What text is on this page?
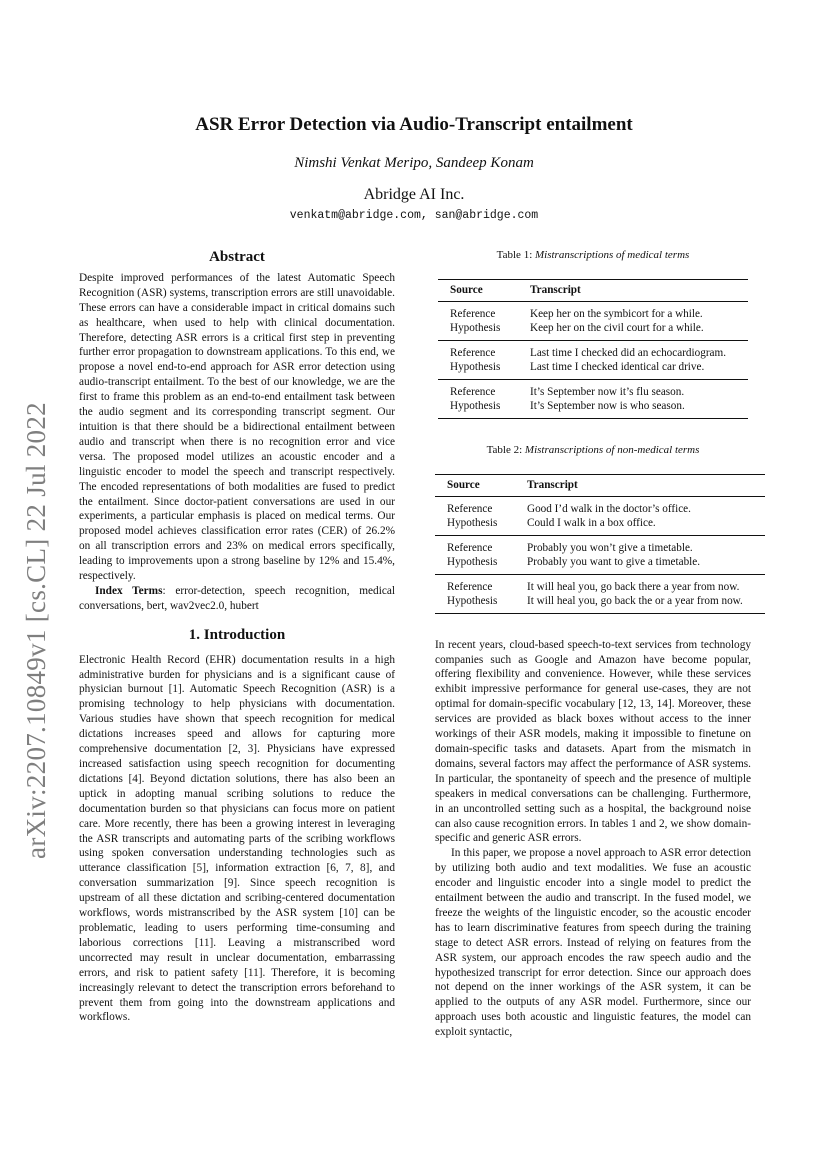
arXiv:2207.10849v1 [cs.CL] 22 Jul 2022
ASR Error Detection via Audio-Transcript entailment
Nimshi Venkat Meripo, Sandeep Konam
Abridge AI Inc.
venkatm@abridge.com, san@abridge.com
Abstract

Despite improved performances of the latest Automatic Speech Recognition (ASR) systems, transcription errors are still unavoidable. These errors can have a considerable impact in critical domains such as healthcare, when used to help with clinical documentation. Therefore, detecting ASR errors is a critical first step in preventing further error propagation to downstream applications. To this end, we propose a novel end-to-end approach for ASR error detection using audio-transcript entailment. To the best of our knowledge, we are the first to frame this problem as an end-to-end entailment task between the audio segment and its corresponding transcript segment. Our intuition is that there should be a bidirectional entailment between audio and transcript when there is no recognition error and vice versa. The proposed model utilizes an acoustic encoder and a linguistic encoder to model the speech and transcript respectively. The encoded representations of both modalities are fused to predict the entailment. Since doctor-patient conversations are used in our experiments, a particular emphasis is placed on medical terms. Our proposed model achieves classification error rates (CER) of 26.2% on all transcription errors and 23% on medical errors specifically, leading to improvements upon a strong baseline by 12% and 15.4%, respectively.

Index Terms: error-detection, speech recognition, medical conversations, bert, wav2vec2.0, hubert

1. Introduction

Electronic Health Record (EHR) documentation results in a high administrative burden for physicians and is a significant cause of physician burnout [1]. Automatic Speech Recognition (ASR) is a promising technology to help physicians with documentation. Various studies have shown that speech recognition for medical dictations increases speed and allows for capturing more comprehensive documentation [2, 3]. Physicians have expressed increased satisfaction using speech recognition for documenting dictations [4]. Beyond dictation solutions, there has also been an uptick in adopting manual scribing solutions to reduce the documentation burden so that physicians can focus more on patient care. More recently, there has been a growing interest in leveraging the ASR transcripts and automating parts of the scribing workflows using spoken conversation understanding technologies such as utterance classification [5], information extraction [6, 7, 8], and conversation summarization [9]. Since speech recognition is upstream of all these dictation and scribing-centered documentation workflows, words mistranscribed by the ASR system [10] can be problematic, leading to users performing time-consuming and laborious corrections [11]. Leaving a mistranscribed word uncorrected may result in unclear documentation, embarrassing errors, and risk to patient safety [11]. Therefore, it is becoming increasingly relevant to detect the transcription errors beforehand to prevent them from going into the downstream applications and workflows.

Table 1: Mistranscriptions of medical terms
Source	Transcript
Reference	Keep her on the symbicort for a while.
Hypothesis	Keep her on the civil court for a while.
Reference	Last time I checked did an echocardiogram.
Hypothesis	Last time I checked identical car drive.
Reference	It’s September now it’s flu season.
Hypothesis	It’s September now is who season.
Table 2: Mistranscriptions of non-medical terms
Source	Transcript
Reference	Good I’d walk in the doctor’s office.
Hypothesis	Could I walk in a box office.
Reference	Probably you won’t give a timetable.
Hypothesis	Probably you want to give a timetable.
Reference	It will heal you, go back there a year from now.
Hypothesis	It will heal you, go back the or a year from now.

In recent years, cloud-based speech-to-text services from technology companies such as Google and Amazon have become popular, offering flexibility and convenience. However, while these services exhibit impressive performance for general use-cases, they are not optimal for domain-specific vocabulary [12, 13, 14]. Moreover, these services are provided as black boxes without access to the inner workings of their ASR models, making it impossible to finetune on domain-specific tasks and datasets. Apart from the mismatch in domains, several factors may affect the performance of ASR systems. In particular, the spontaneity of speech and the presence of multiple speakers in medical conversations can be challenging. Furthermore, in an uncontrolled setting such as a hospital, the background noise can also cause recognition errors. In tables 1 and 2, we show domain-specific and generic ASR errors.

In this paper, we propose a novel approach to ASR error detection by utilizing both audio and text modalities. We fuse an acoustic encoder and linguistic encoder into a single model to predict the entailment between the audio and transcript. In the fused model, we freeze the weights of the linguistic encoder, so the acoustic encoder has to learn discriminative features from speech during the training stage to detect ASR errors. Instead of relying on features from the ASR system, our approach encodes the raw speech audio and the hypothesized transcript for error detection. Since our approach does not depend on the inner workings of the ASR system, it can be applied to the outputs of any ASR model. Furthermore, since our approach uses both acoustic and linguistic features, the model can exploit syntactic,
